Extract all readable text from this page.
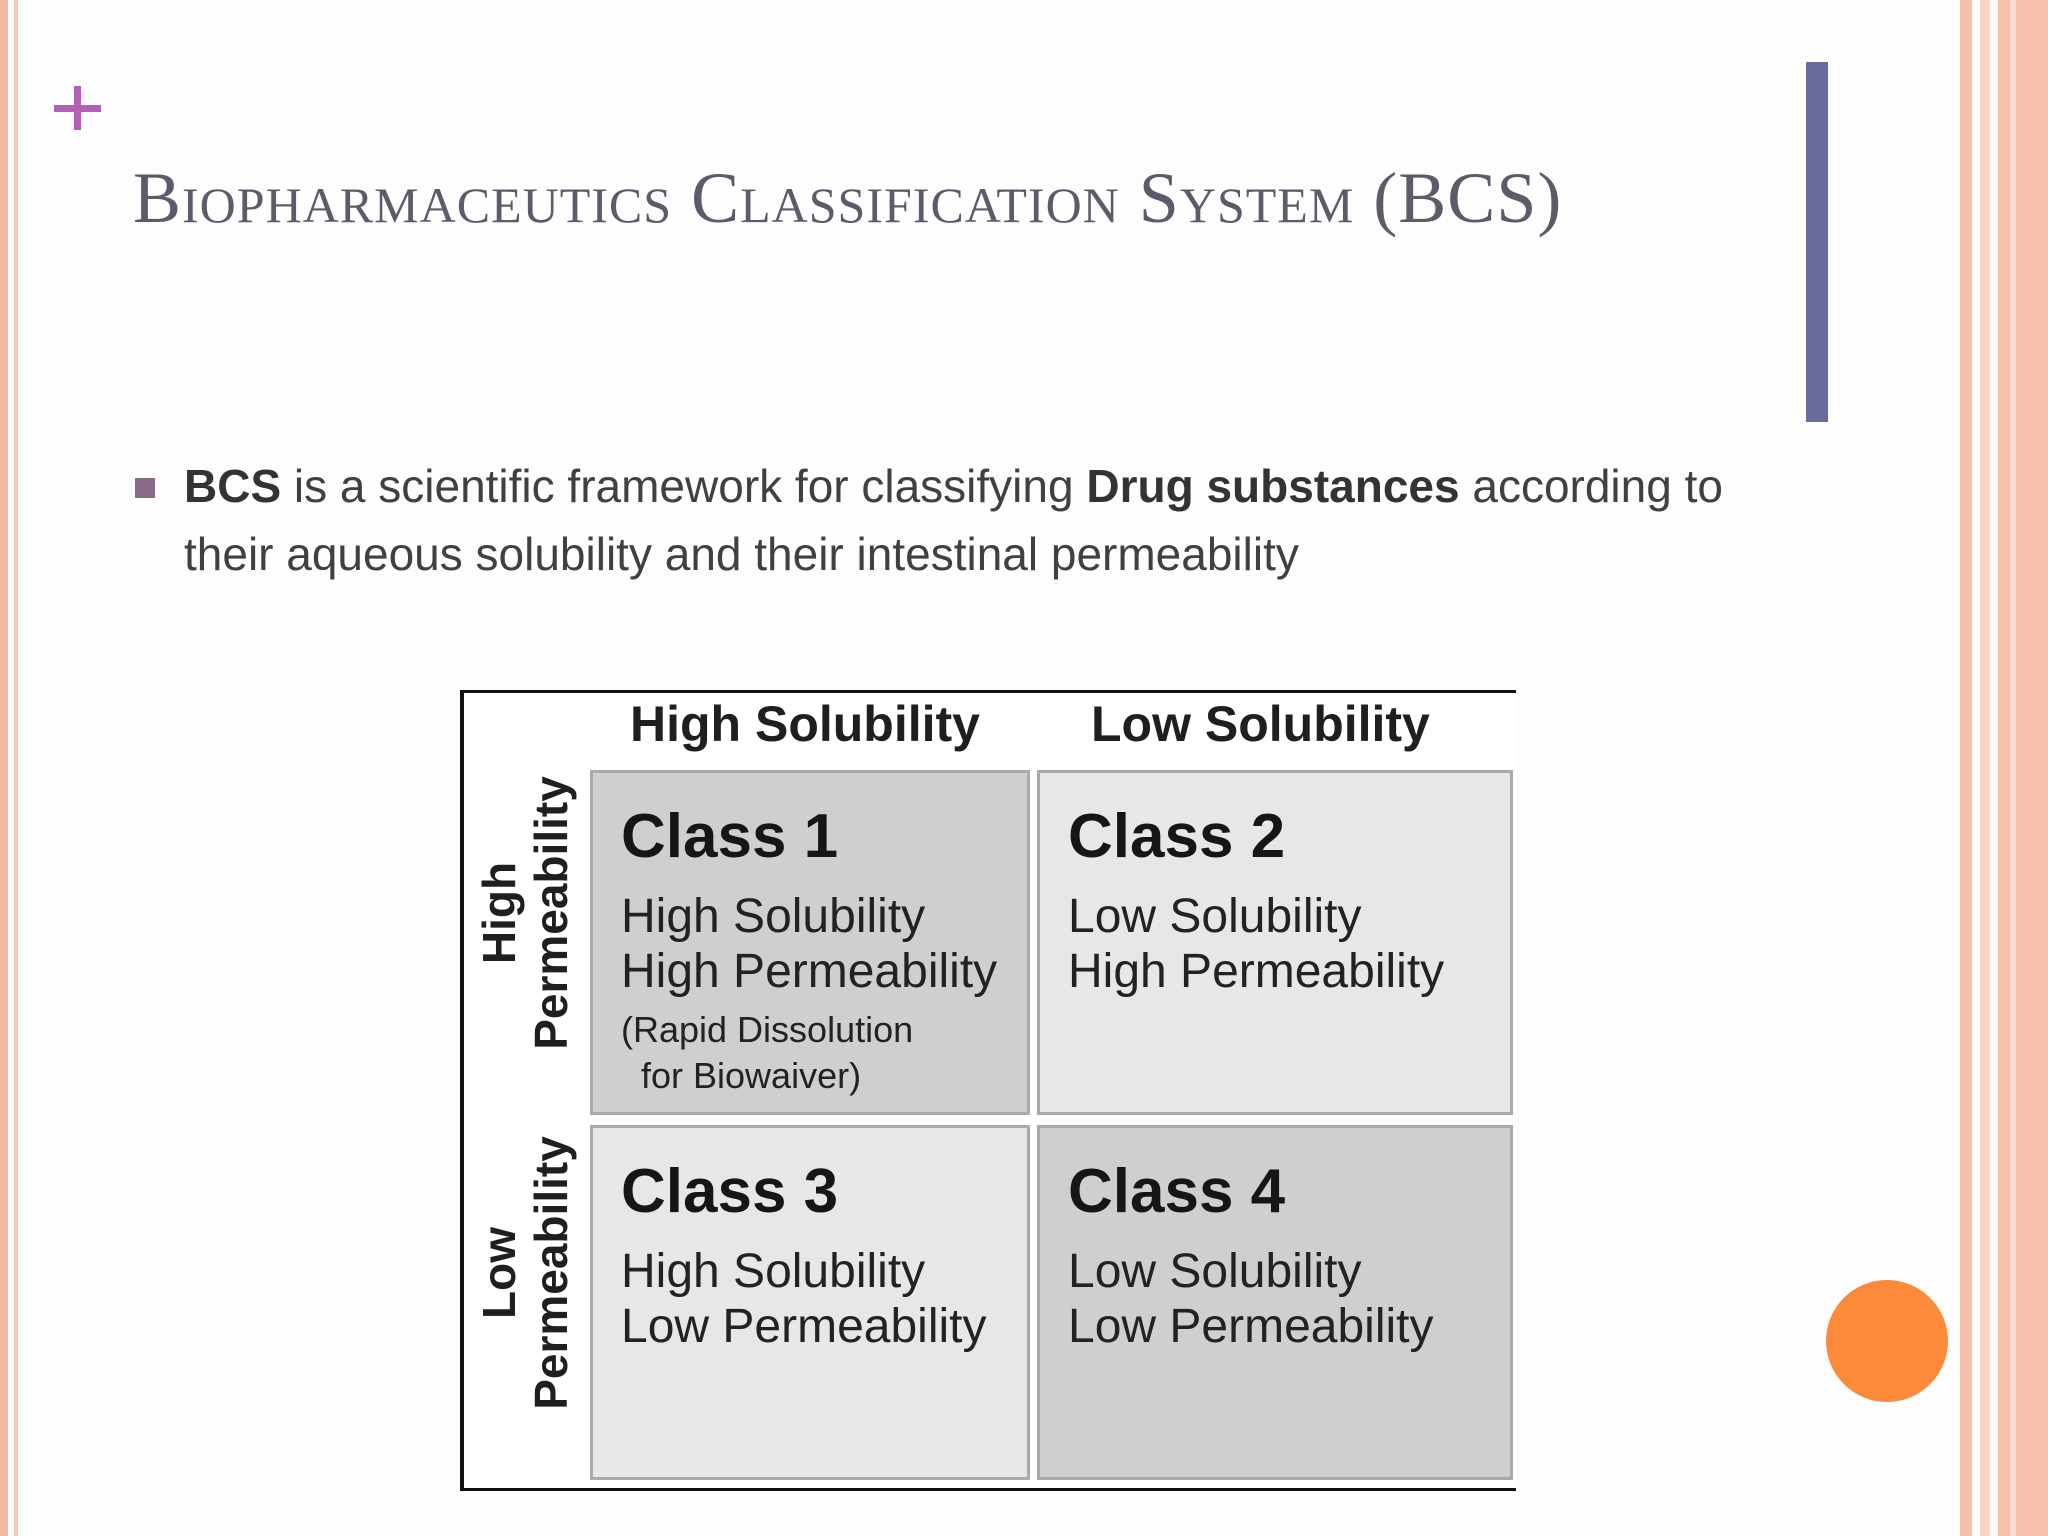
Biopharmaceutics Classification System (BCS)
BCS is a scientific framework for classifying Drug substances according to their aqueous solubility and their intestinal permeability
High Solubility Low Solubility
High Permeability
Low Permeability
Class 1
High Solubility
High Permeability
(Rapid Dissolution
for Biowaiver)
Class 2
Low Solubility
High Permeability
Class 3
High Solubility
Low Permeability
Class 4
Low Solubility
Low Permeability
